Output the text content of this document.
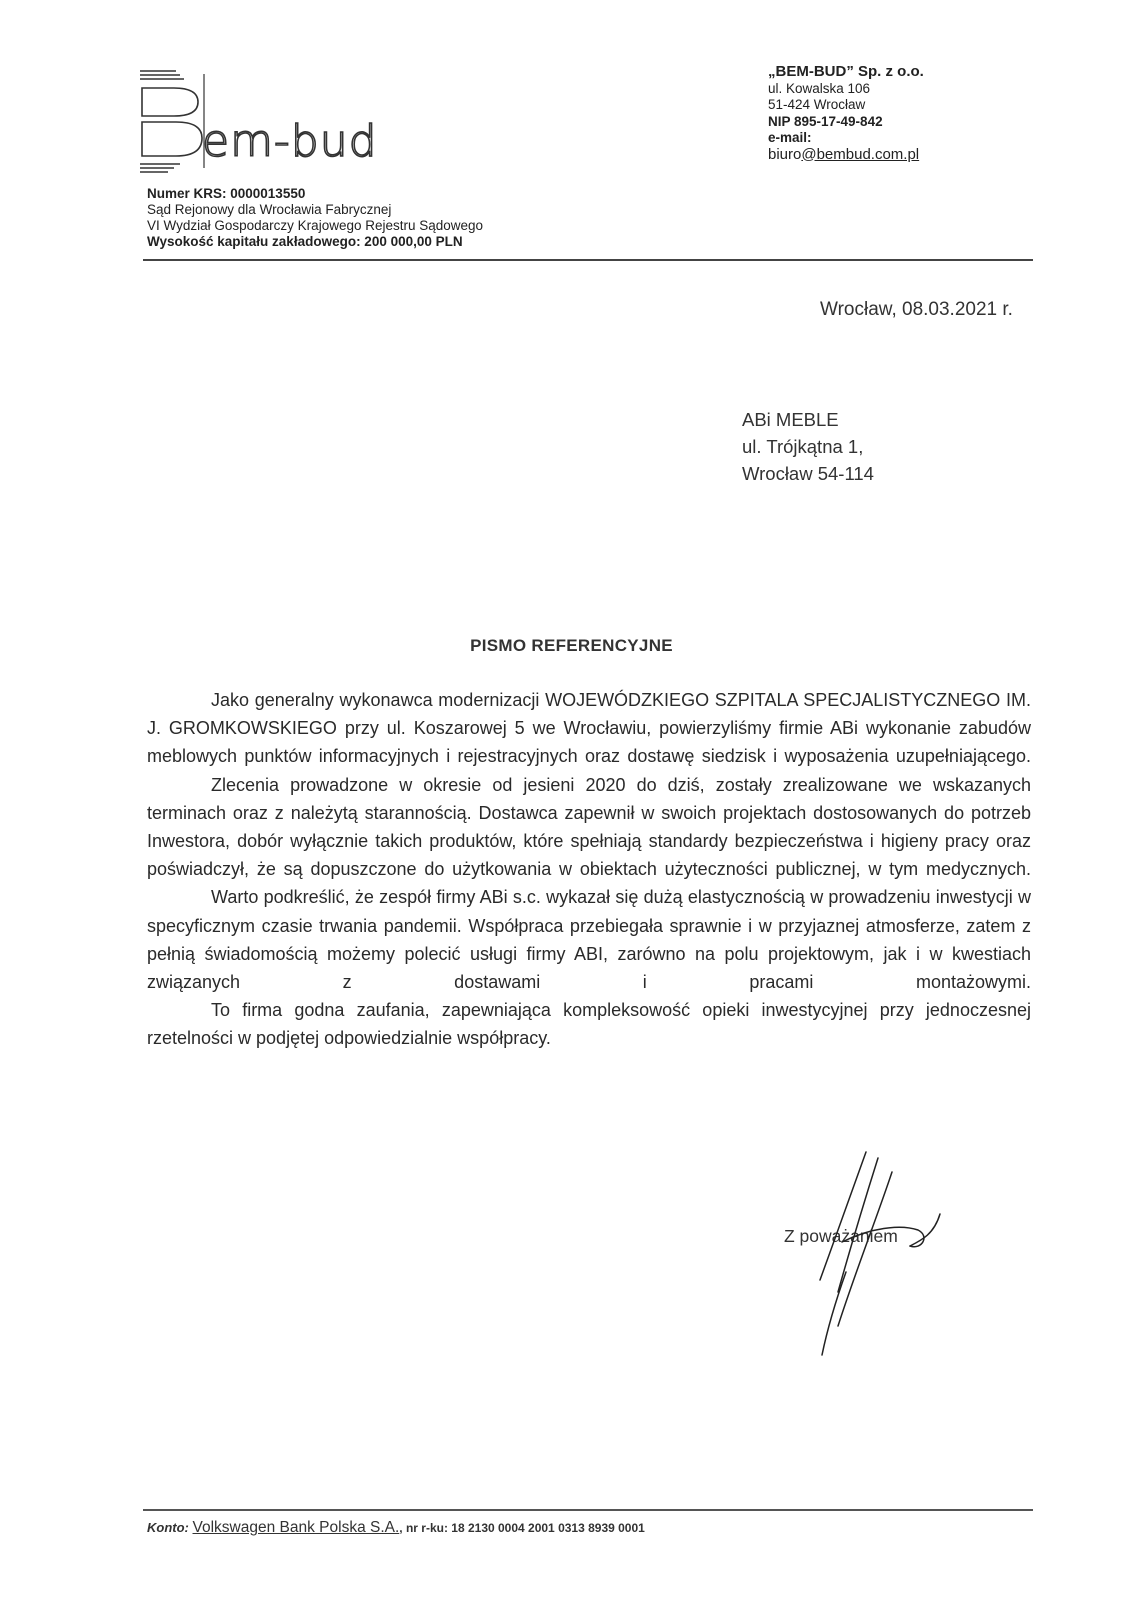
em-bud
Numer KRS: 0000013550
Sąd Rejonowy dla Wrocławia Fabrycznej
VI Wydział Gospodarczy Krajowego Rejestru Sądowego
Wysokość kapitału zakładowego: 200 000,00 PLN
„BEM-BUD” Sp. z o.o.
ul. Kowalska 106
51-424 Wrocław
NIP 895-17-49-842
e-mail:
biuro@bembud.com.pl
Wrocław, 08.03.2021 r.
ABi MEBLE
ul. Trójkątna 1,
Wrocław 54-114
PISMO REFERENCYJNE

Jako generalny wykonawca modernizacji WOJEWÓDZKIEGO SZPITALA SPECJALISTYCZNEGO IM. J. GROMKOWSKIEGO przy ul. Koszarowej 5 we Wrocławiu, powierzyliśmy firmie ABi wykonanie zabudów meblowych punktów informacyjnych i rejestracyjnych oraz dostawę siedzisk i wyposażenia uzupełniającego.

Zlecenia prowadzone w okresie od jesieni 2020 do dziś, zostały zrealizowane we wskazanych terminach oraz z należytą starannością. Dostawca zapewnił w swoich projektach dostosowanych do potrzeb Inwestora, dobór wyłącznie takich produktów, które spełniają standardy bezpieczeństwa i higieny pracy oraz poświadczył, że są dopuszczone do użytkowania w obiektach użyteczności publicznej, w tym medycznych.

Warto podkreślić, że zespół firmy ABi s.c. wykazał się dużą elastycznością w prowadzeniu inwestycji w specyficznym czasie trwania pandemii. Współpraca przebiegała sprawnie i w przyjaznej atmosferze, zatem z pełnią świadomością możemy polecić usługi firmy ABI, zarówno na polu projektowym, jak i w kwestiach związanych z dostawami i pracami montażowymi.

To firma godna zaufania, zapewniająca kompleksowość opieki inwestycyjnej przy jednoczesnej rzetelności w podjętej odpowiedzialnie współpracy.

Z poważaniem
Konto: Volkswagen Bank Polska S.A., nr r-ku: 18 2130 0004 2001 0313 8939 0001
